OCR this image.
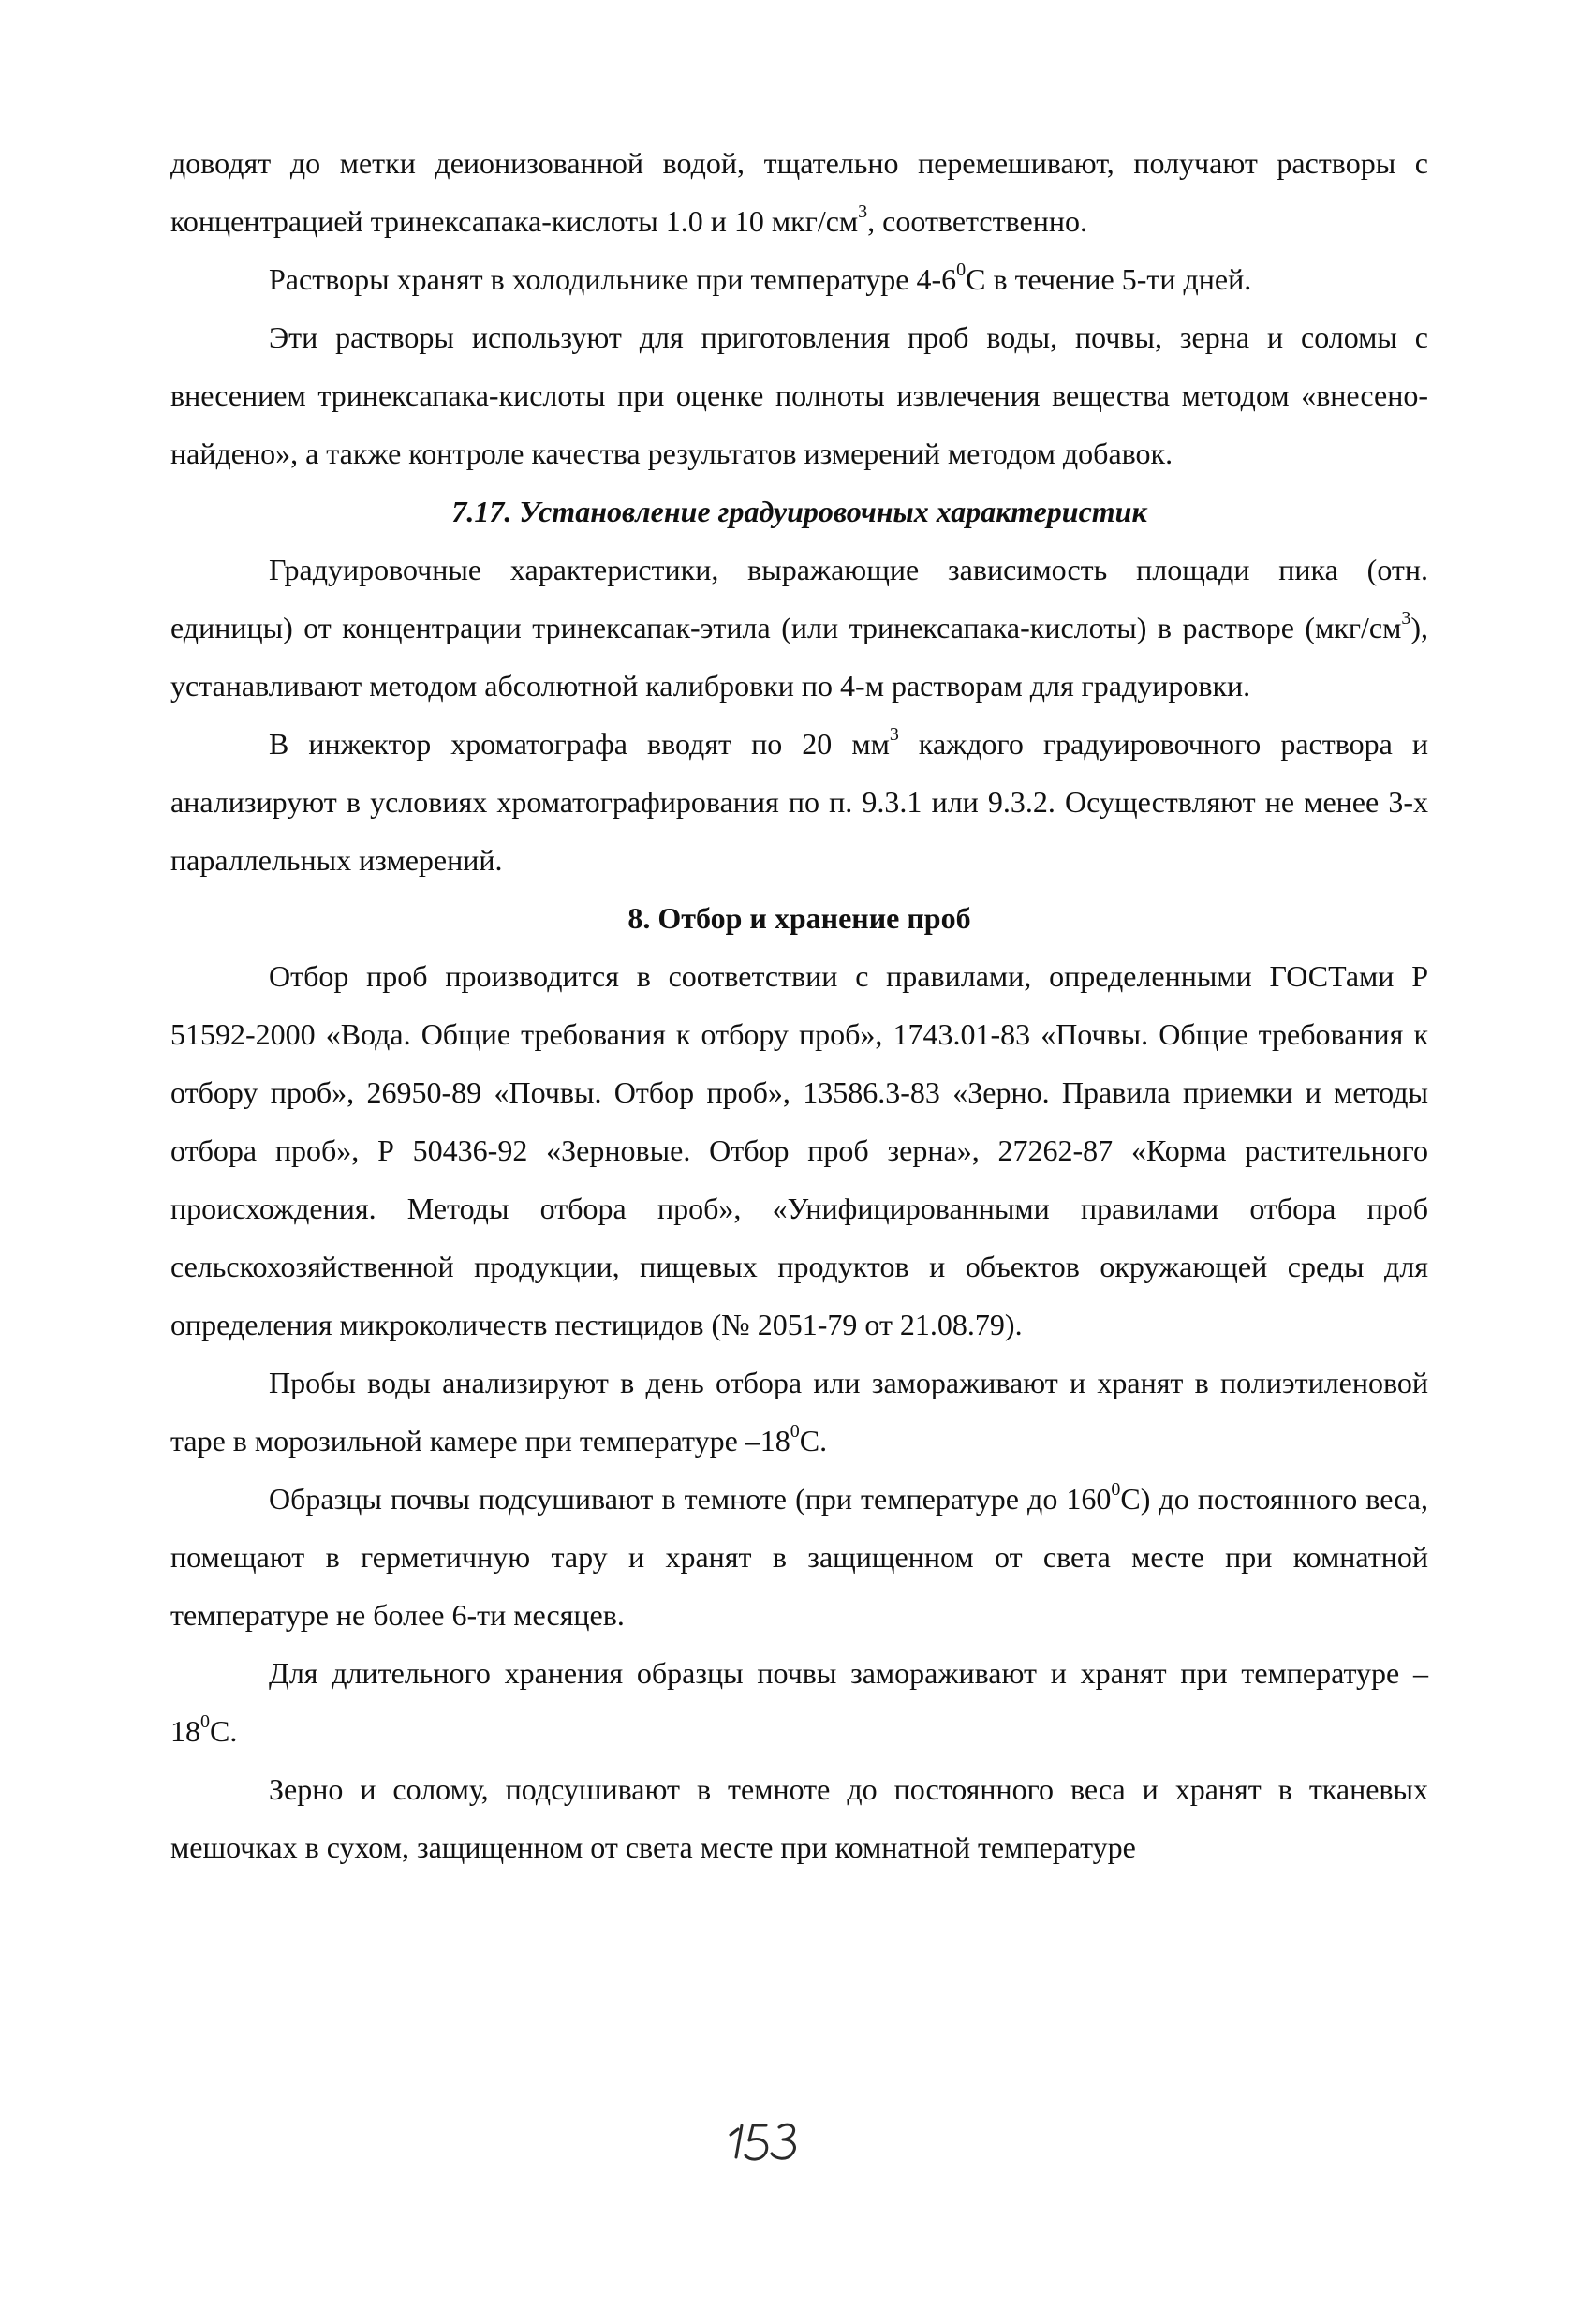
доводят до метки деионизованной водой, тщательно перемешивают, получают растворы с концентрацией тринексапака-кислоты 1.0 и 10 мкг/$см^3$, соответственно.

Растворы хранят в холодильнике при температуре $4-6^0С$ в течение 5-ти дней.

Эти растворы используют для приготовления проб воды, почвы, зерна и соломы с внесением тринексапака-кислоты при оценке полноты извлечения вещества методом «внесено-найдено», а также контроле качества результатов измерений методом добавок.

7.17. Установление градуировочных характеристик

Градуировочные характеристики, выражающие зависимость площади пика (отн. единицы) от концентрации тринексапак-этила (или тринексапака-кислоты) в растворе $(мкг/см^3)$, устанавливают методом абсолютной калибровки по 4-м растворам для градуировки.

В инжектор хроматографа вводят по 20 $мм^3$ каждого градуировочного раствора и анализируют в условиях хроматографирования по п. 9.3.1 или 9.3.2. Осуществляют не менее 3-х параллельных измерений.

8. Отбор и хранение проб

Отбор проб производится в соответствии с правилами, определенными ГОСТами Р 51592-2000 «Вода. Общие требования к отбору проб», 1743.01-83 «Почвы. Общие требования к отбору проб», 26950-89 «Почвы. Отбор проб», 13586.3-83 «Зерно. Правила приемки и методы отбора проб», Р 50436-92 «Зерновые. Отбор проб зерна», 27262-87 «Корма растительного происхождения. Методы отбора проб», «Унифицированными правилами отбора проб сельскохозяйственной продукции, пищевых продуктов и объектов окружающей среды для определения микроколичеств пестицидов (№ 2051-79 от 21.08.79).

Пробы воды анализируют в день отбора или замораживают и хранят в полиэтиленовой таре в морозильной камере при температуре $-18^0С$.

Образцы почвы подсушивают в темноте (при температуре до $160^0С$) до постоянного веса, помещают в герметичную тару и хранят в защищенном от света месте при комнатной температуре не более 6-ти месяцев.

Для длительного хранения образцы почвы замораживают и хранят при температуре $-18^0С$.

Зерно и солому, подсушивают в темноте до постоянного веса и хранят в тканевых мешочках в сухом, защищенном от света месте при комнатной температуре
